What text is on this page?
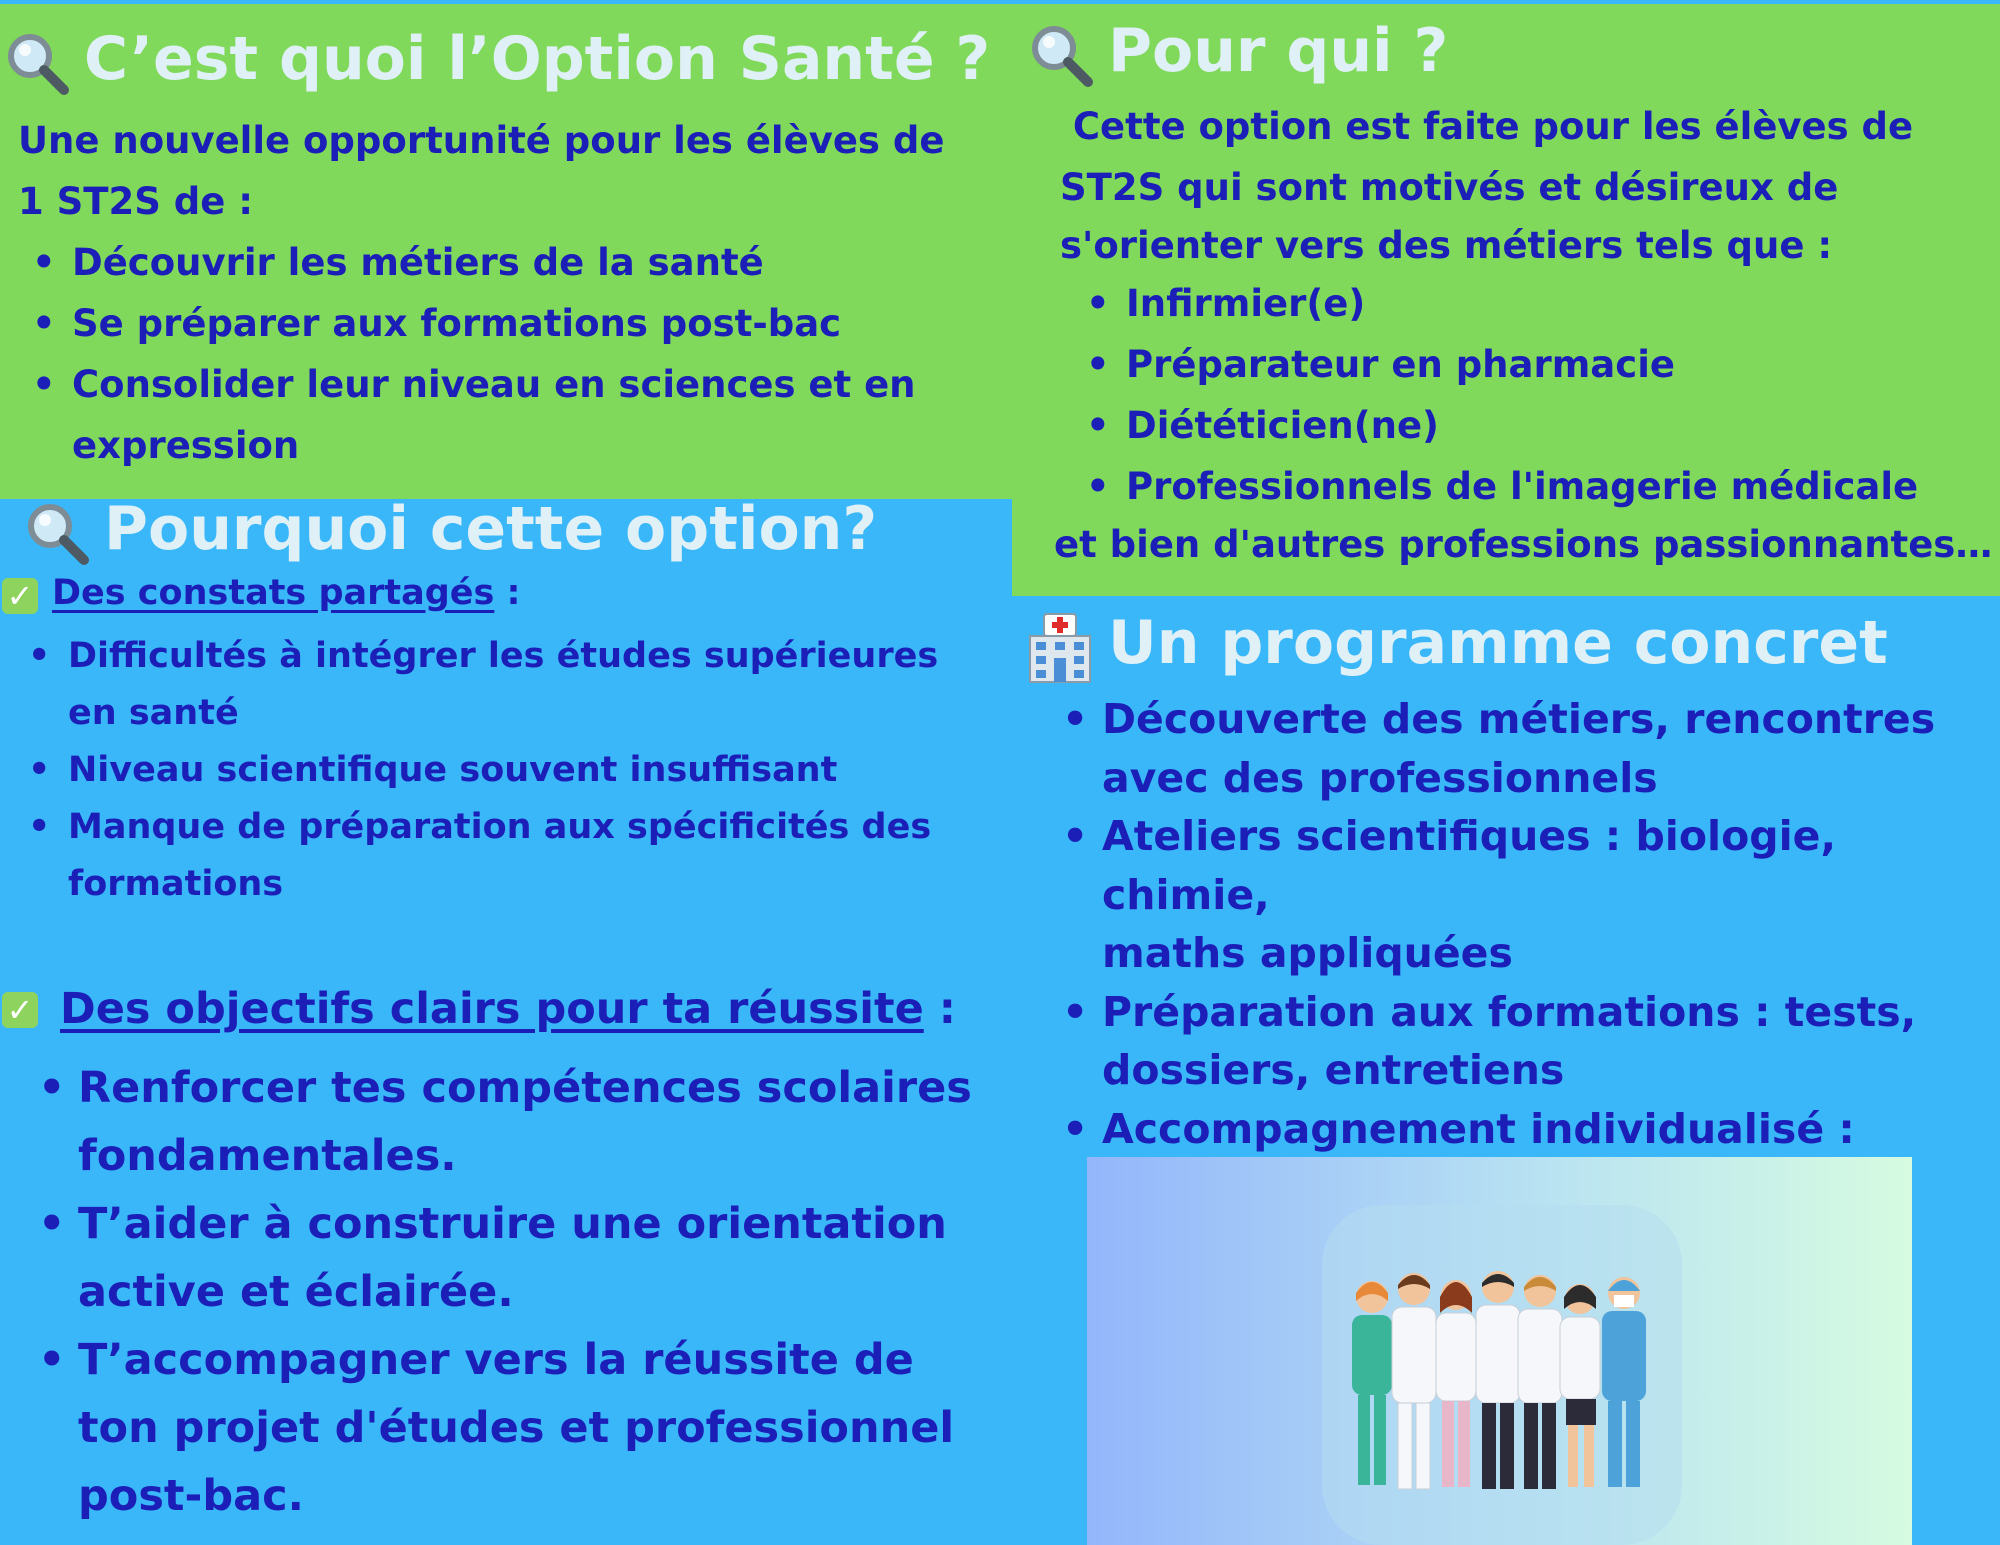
C’est quoi l’Option Santé ?
Une nouvelle opportunité pour les élèves de
1 ST2S de :
• Découvrir les métiers de la santé
• Se préparer aux formations post-bac
• Consolider leur niveau en sciences et en
expression
Pour qui ?
Cette option est faite pour les élèves de
ST2S qui sont motivés et désireux de
s'orienter vers des métiers tels que :
• Infirmier(e)
• Préparateur en pharmacie
• Diététicien(ne)
• Professionnels de l'imagerie médicale
et bien d'autres professions passionnantes…
Pourquoi cette option?
✓ Des constats partagés :
• Difficultés à intégrer les études supérieures
en santé
• Niveau scientifique souvent insuffisant
• Manque de préparation aux spécificités des
formations
✓ Des objectifs clairs pour ta réussite :
• Renforcer tes compétences scolaires
fondamentales.
• T’aider à construire une orientation
active et éclairée.
• T’accompagner vers la réussite de
ton projet d'études et professionnel
post-bac.
Un programme concret
• Découverte des métiers, rencontres
avec des professionnels
• Ateliers scientifiques : biologie, chimie,
maths appliquées
• Préparation aux formations : tests,
dossiers, entretiens
• Accompagnement individualisé :
